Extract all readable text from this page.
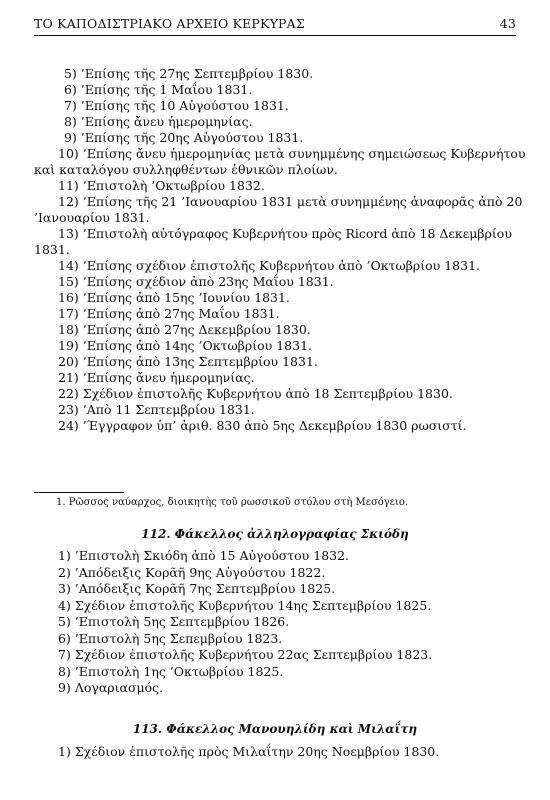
ΤΟ ΚΑΠΟΔΙΣΤΡΙΑΚΟ ΑΡΧΕΙΟ ΚΕΡΚΥΡΑΣ	43
5) ’Επίσης τῆς 27ης Σεπτεμβρίου 1830.
6) ’Επίσης τῆς 1 Μαΐου 1831.
7) ’Επίσης τῆς 10 Αὐγούστου 1831.
8) ’Επίσης ἄνευ ἡμερομηνίας.
9) ’Επίσης τῆς 20ης Αὐγούστου 1831.
10) ’Επίσης ἄνευ ἡμερομηνίας μετὰ συνημμένης σημειώσεως Κυβερνήτου
καὶ καταλόγου συλληφθέντων ἐθνικῶν πλοίων.
11) ’Επιστολὴ ’Οκτωβρίου 1832.
12) ’Επίσης τῆς 21 ’Ιανουαρίου 1831 μετὰ συνημμένης ἀναφορᾶς ἀπὸ 20
’Ιανουαρίου 1831.
13) ’Επιστολὴ αὐτόγραφος Κυβερνήτου πρὸς Ricord ἀπὸ 18 Δεκεμβρίου
1831.
14) ’Επίσης σχέδιον ἐπιστολῆς Κυβερνήτου ἀπὸ ’Οκτωβρίου 1831.
15) ’Επίσης σχέδιον ἀπὸ 23ης Μαΐου 1831.
16) ’Επίσης ἀπὸ 15ης ’Ιουνίου 1831.
17) ’Επίσης ἀπὸ 27ης Μαΐου 1831.
18) ’Επίσης ἀπὸ 27ης Δεκεμβρίου 1830.
19) ’Επίσης ἀπὸ 14ης ’Οκτωβρίου 1831.
20) ’Επίσης ἀπὸ 13ης Σεπτεμβρίου 1831.
21) ’Επίσης ἄνευ ἡμερομηνίας.
22) Σχέδιον ἐπιστολῆς Κυβερνήτου ἀπὸ 18 Σεπτεμβρίου 1830.
23) ’Απὸ 11 Σεπτεμβρίου 1831.
24) ’Έγγραφον ὑπ’ ἀριθ. 830 ἀπὸ 5ης Δεκεμβρίου 1830 ρωσιστί.
1. Ρῶσσος ναύαρχος, διοικητὴς τοῦ ρωσσικοῦ στόλου στὴ Μεσόγειο.
112. Φάκελλος ἀλληλογραφίας Σκιόδη
1) ’Επιστολὴ Σκιόδη ἀπὸ 15 Αὐγούστου 1832.
2) ’Απόδειξις Κορᾶῆ 9ης Αὐγούστου 1822.
3) ’Απόδειξις Κορᾶῆ 7ης Σεπτεμβρίου 1825.
4) Σχέδιον ἐπιστολῆς Κυβερνήτου 14ης Σεπτεμβρίου 1825.
5) ’Επιστολὴ 5ης Σεπτεμβρίου 1826.
6) ’Επιστολὴ 5ης Σεπεμβρίου 1823.
7) Σχέδιον ἐπιστολῆς Κυβερνήτου 22ας Σεπτεμβρίου 1823.
8) ’Επιστολὴ 1ης ’Οκτωβρίου 1825.
9) Λογαριασμός.
113. Φάκελλος Μανουηλίδη καὶ Μιλαΐτη
1) Σχέδιον ἐπιστολῆς πρὸς Μιλαΐτην 20ης Νοεμβρίου 1830.
